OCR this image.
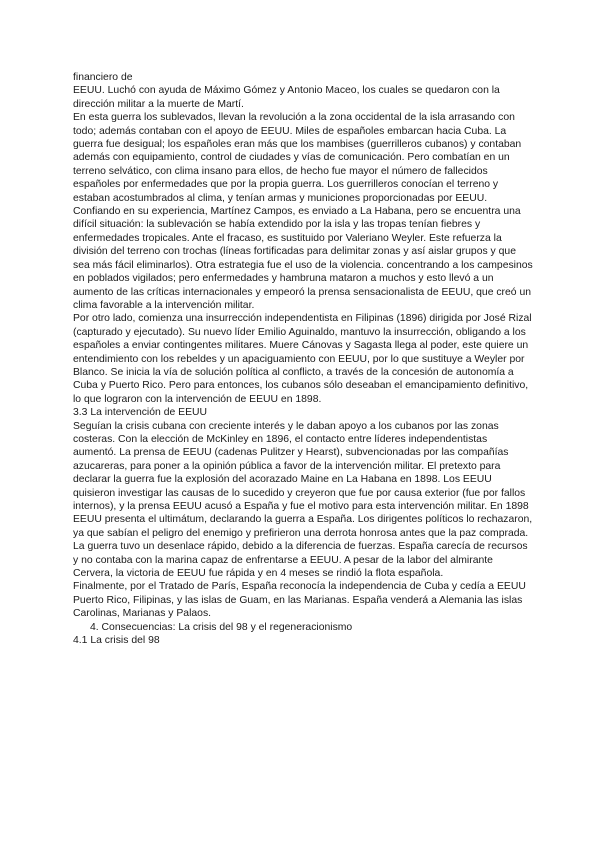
financiero de

EEUU. Luchó con ayuda de Máximo Gómez y Antonio Maceo, los cuales se quedaron con la dirección militar a la muerte de Martí.

En esta guerra los sublevados, llevan la revolución a la zona occidental de la isla arrasando con todo; además contaban con el apoyo de EEUU. Miles de españoles embarcan hacia Cuba. La guerra fue desigual; los españoles eran más que los mambises (guerrilleros cubanos) y contaban además con equipamiento, control de ciudades y vías de comunicación. Pero combatían en un terreno selvático, con clima insano para ellos, de hecho fue mayor el número de fallecidos españoles por enfermedades que por la propia guerra. Los guerrilleros conocían el terreno y estaban acostumbrados al clima, y tenían armas y municiones proporcionadas por EEUU.

Confiando en su experiencia, Martínez Campos, es enviado a La Habana, pero se encuentra una difícil situación: la sublevación se había extendido por la isla y las tropas tenían fiebres y enfermedades tropicales. Ante el fracaso, es sustituido por Valeriano Weyler. Este refuerza la división del terreno con trochas (líneas fortificadas para delimitar zonas y así aislar grupos y que sea más fácil eliminarlos). Otra estrategia fue el uso de la violencia. concentrando a los campesinos en poblados vigilados; pero enfermedades y hambruna mataron a muchos y esto llevó a un aumento de las críticas internacionales y empeoró la prensa sensacionalista de EEUU, que creó un clima favorable a la intervención militar.

Por otro lado, comienza una insurrección independentista en Filipinas (1896) dirigida por José Rizal (capturado y ejecutado). Su nuevo líder Emilio Aguinaldo, mantuvo la insurrección, obligando a los españoles a enviar contingentes militares. Muere Cánovas y Sagasta llega al poder, este quiere un entendimiento con los rebeldes y un apaciguamiento con EEUU, por lo que sustituye a Weyler por Blanco. Se inicia la vía de solución política al conflicto, a través de la concesión de autonomía a Cuba y Puerto Rico. Pero para entonces, los cubanos sólo deseaban el emancipamiento definitivo, lo que lograron con la intervención de EEUU en 1898.

3.3 La intervención de EEUU

Seguían la crisis cubana con creciente interés y le daban apoyo a los cubanos por las zonas costeras. Con la elección de McKinley en 1896, el contacto entre líderes independentistas aumentó. La prensa de EEUU (cadenas Pulitzer y Hearst), subvencionadas por las compañías azucareras, para poner a la opinión pública a favor de la intervención militar. El pretexto para declarar la guerra fue la explosión del acorazado Maine en La Habana en 1898. Los EEUU quisieron investigar las causas de lo sucedido y creyeron que fue por causa exterior (fue por fallos internos), y la prensa EEUU acusó a España y fue el motivo para esta intervención militar. En 1898 EEUU presenta el ultimátum, declarando la guerra a España. Los dirigentes políticos lo rechazaron, ya que sabían el peligro del enemigo y prefirieron una derrota honrosa antes que la paz comprada.

La guerra tuvo un desenlace rápido, debido a la diferencia de fuerzas. España carecía de recursos y no contaba con la marina capaz de enfrentarse a EEUU. A pesar de la labor del almirante Cervera, la victoria de EEUU fue rápida y en 4 meses se rindió la flota española.

Finalmente, por el Tratado de París, España reconocía la independencia de Cuba y cedía a EEUU Puerto Rico, Filipinas, y las islas de Guam, en las Marianas. España venderá a Alemania las islas Carolinas, Marianas y Palaos.

4. Consecuencias: La crisis del 98 y el regeneracionismo

4.1 La crisis del 98
